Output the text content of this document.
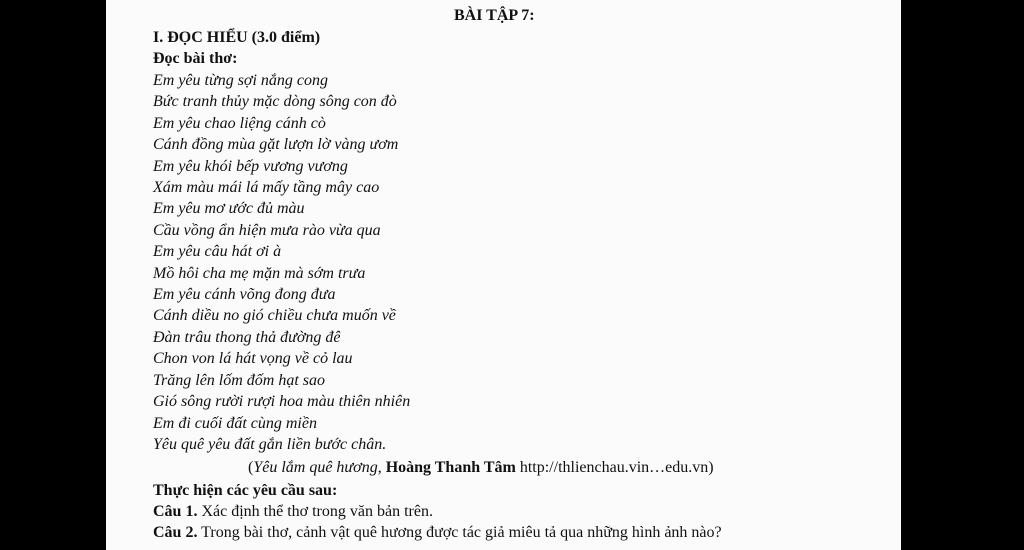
BÀI TẬP 7:
I. ĐỌC HIỂU (3.0 điểm)
Đọc bài thơ:
Em yêu từng sợi nắng cong
Bức tranh thủy mặc dòng sông con đò
Em yêu chao liệng cánh cò
Cánh đồng mùa gặt lượn lờ vàng ươm
Em yêu khói bếp vương vương
Xám màu mái lá mấy tầng mây cao
Em yêu mơ ước đủ màu
Cầu vồng ẩn hiện mưa rào vừa qua
Em yêu câu hát ơi à
Mồ hôi cha mẹ mặn mà sớm trưa
Em yêu cánh võng đong đưa
Cánh diều no gió chiều chưa muốn về
Đàn trâu thong thả đường đê
Chon von lá hát vọng về cỏ lau
Trăng lên lốm đốm hạt sao
Gió sông rười rượi hoa màu thiên nhiên
Em đi cuối đất cùng miền
Yêu quê yêu đất gắn liền bước chân.
(Yêu lắm quê hương, Hoàng Thanh Tâm http://thlienchau.vin…edu.vn)
Thực hiện các yêu cầu sau:
Câu 1. Xác định thể thơ trong văn bản trên.
Câu 2. Trong bài thơ, cảnh vật quê hương được tác giả miêu tả qua những hình ảnh nào?
